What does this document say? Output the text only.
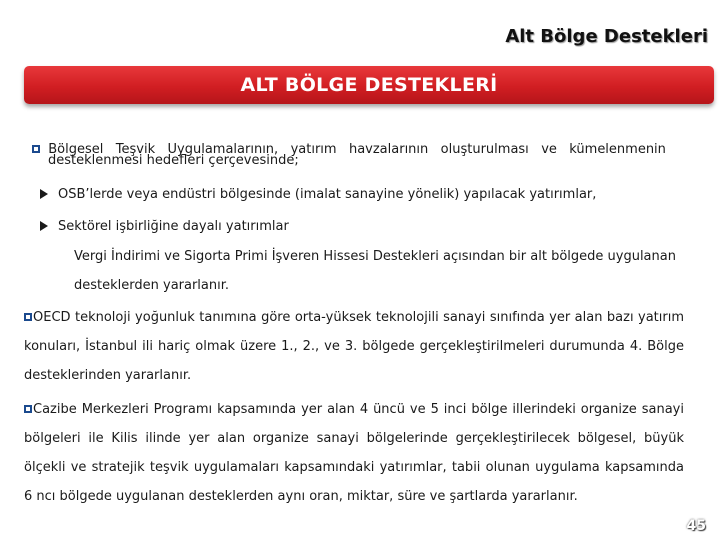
Alt Bölge Destekleri
ALT BÖLGE DESTEKLERİ

Bölgesel   Teşvik   Uygulamalarının,   yatırım   havzalarının   oluşturulması   ve   kümelenmenin

desteklenmesi hedefleri çerçevesinde;
OSB’lerde veya endüstri bölgesinde (imalat sanayine yönelik) yapılacak yatırımlar,
Sektörel işbirliğine dayalı yatırımlar
Vergi İndirimi ve Sigorta Primi İşveren Hissesi Destekleri açısından bir alt bölgede uygulanan
desteklerden yararlanır.
OECD teknoloji yoğunluk tanımına göre orta-yüksek teknolojili sanayi sınıfında yer alan bazı yatırım konuları, İstanbul ili hariç olmak üzere 1., 2., ve 3. bölgede gerçekleştirilmeleri durumunda 4. Bölge desteklerinden yararlanır.
Cazibe Merkezleri Programı kapsamında yer alan 4 üncü ve 5 inci bölge illerindeki organize sanayi bölgeleri ile Kilis ilinde yer alan organize sanayi bölgelerinde gerçekleştirilecek bölgesel, büyük ölçekli ve stratejik teşvik uygulamaları kapsamındaki yatırımlar, tabii olunan uygulama kapsamında 6 ncı bölgede uygulanan desteklerden aynı oran, miktar, süre ve şartlarda yararlanır.
45
